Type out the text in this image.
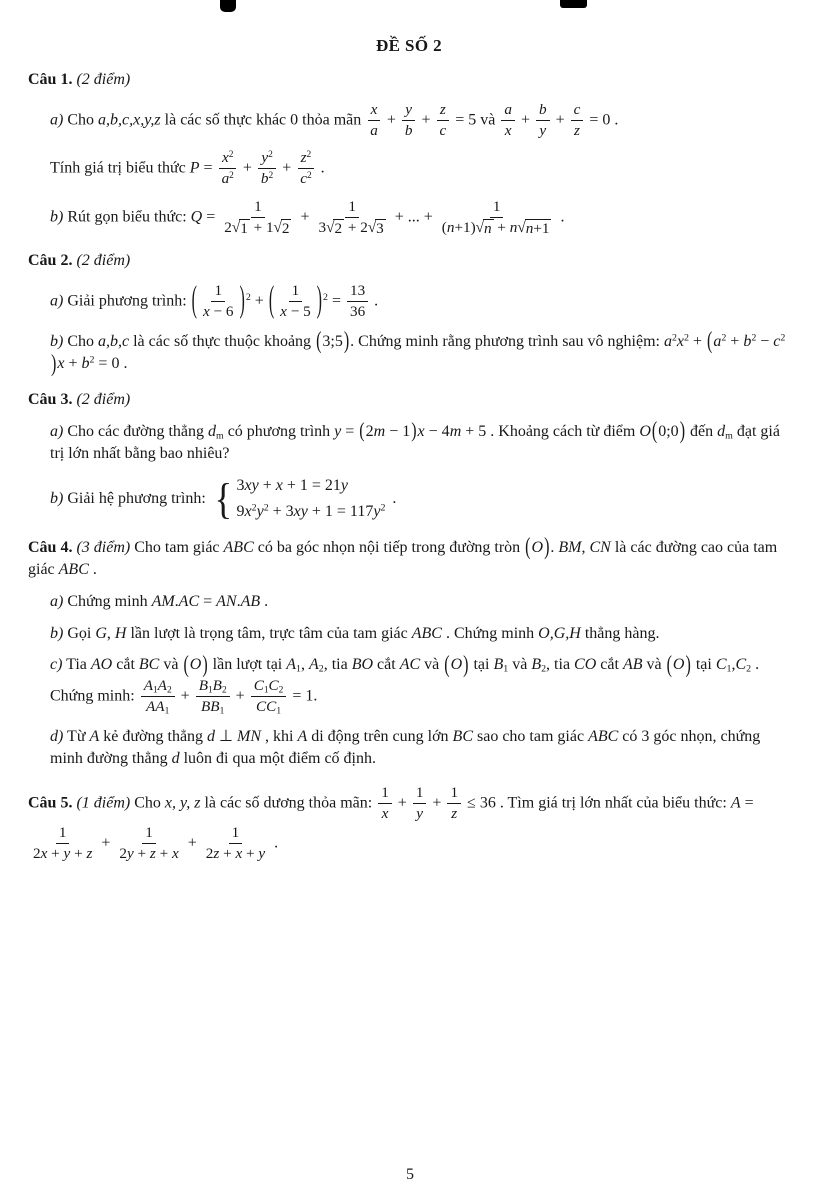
ĐỀ SỐ 2
Câu 1. (2 điểm)
a) Cho a,b,c,x,y,z là các số thực khác 0 thỏa mãn $\frac{x}{a} + \frac{y}{b} + \frac{z}{c} = 5$ và $\frac{a}{x} + \frac{b}{y} + \frac{c}{z} = 0$ .
Tính giá trị biểu thức $P = \frac{x^2}{a^2} + \frac{y^2}{b^2} + \frac{z^2}{c^2}$ .
b) Rút gọn biểu thức: $Q = \frac{1}{2 √ 1 + 1 √ 2} + \frac{1}{3 √ 2 + 2 √ 3}$ + ... + $\frac{1}{(n+1) √ n + n √ n+1}$ .
Câu 2. (2 điểm)
a) Giải phương trình: ( $\frac{1}{x - 6} )^2$ + ( $\frac{1}{x - 5} )^2 = \frac{13}{36}$ .
b) Cho a,b,c là các số thực thuộc khoảng (3;5). Chứng minh rằng phương trình sau vô nghiệm: $a^2x^2 + (a^2 + b^2 - c^2)x + b^2 = 0$ .
Câu 3. (2 điểm)
a) Cho các đường thẳng dm có phương trình y = (2m − 1)x − 4m + 5 . Khoảng cách từ điểm O(0;0) đến dm đạt giá trị lớn nhất bằng bao nhiêu?
b) Giải hệ phương trình: { 3xy + x + 1 = 21y
$9x^2y^2 + 3xy + 1 = 117y^2$
.
Câu 4. (3 điểm) Cho tam giác ABC có ba góc nhọn nội tiếp trong đường tròn (O). BM, CN là các đường cao của tam giác ABC .
a) Chứng minh AM.AC = AN.AB .
b) Gọi G, H lần lượt là trọng tâm, trực tâm của tam giác ABC . Chứng minh O,G,H thẳng hàng.
c) Tia AO cắt BC và (O) lần lượt tại A1, A2, tia BO cắt AC và (O) tại B1 và B2, tia CO cắt AB và (O) tại C1,C2 . Chứng minh: $\frac{A1A2}{AA1} + \frac{B1B2}{BB1} + \frac{C1C2}{CC1} = 1$.
d) Từ A kẻ đường thẳng d ⊥ MN , khi A di động trên cung lớn BC sao cho tam giác ABC có 3 góc nhọn, chứng minh đường thẳng d luôn đi qua một điểm cố định.
Câu 5. (1 điểm) Cho x, y, z là các số dương thỏa mãn: $\frac{1}{x} + \frac{1}{y} + \frac{1}{z} \le 36$ . Tìm giá trị lớn nhất của biểu thức: A =
$\frac{1}{2x + y + z} + \frac{1}{2y + z + x} + \frac{1}{2z + x + y}$ .
5
